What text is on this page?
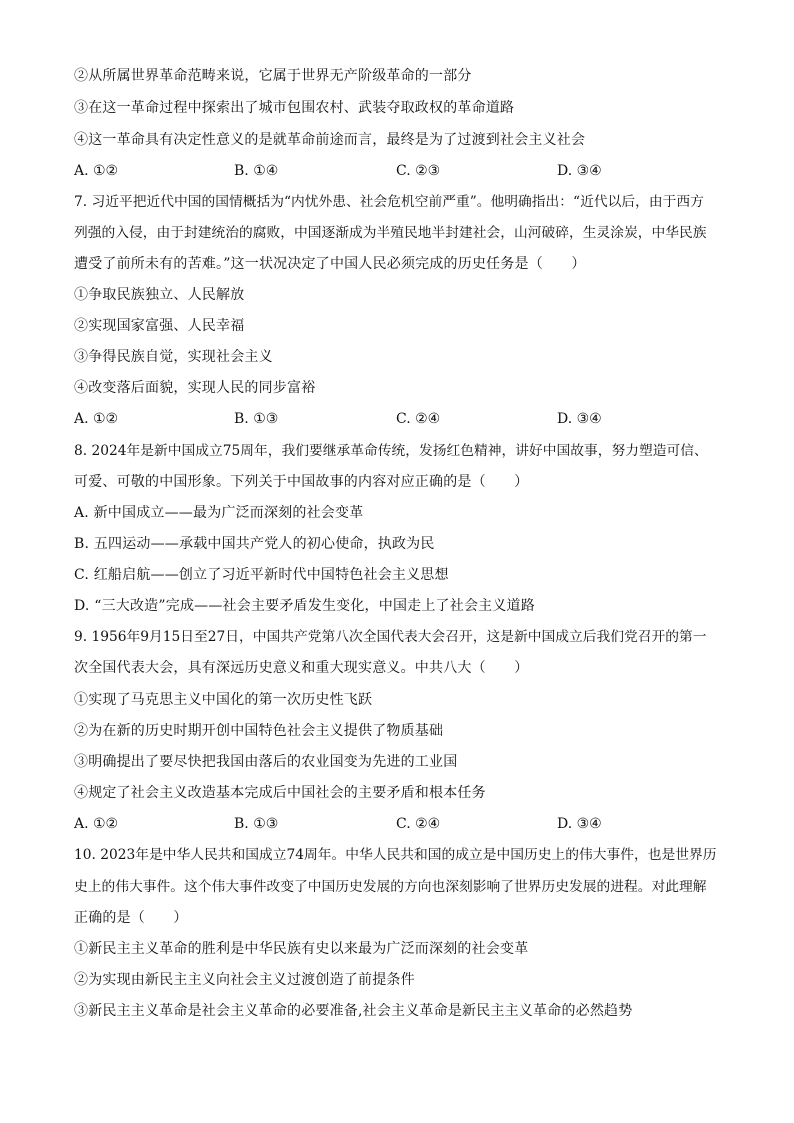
②从所属世界革命范畴来说，它属于世界无产阶级革命的一部分
③在这一革命过程中探索出了城市包围农村、武装夺取政权的革命道路
④这一革命具有决定性意义的是就革命前途而言，最终是为了过渡到社会主义社会
A. ①②	B. ①④	C. ②③	D. ③④
7. 习近平把近代中国的国情概括为“内忧外患、社会危机空前严重”。他明确指出：“近代以后，由于西方
列强的入侵，由于封建统治的腐败，中国逐渐成为半殖民地半封建社会，山河破碎，生灵涂炭，中华民族
遭受了前所未有的苦难。”这一状况决定了中国人民必须完成的历史任务是（　　）
①争取民族独立、人民解放
②实现国家富强、人民幸福
③争得民族自觉，实现社会主义
④改变落后面貌，实现人民的同步富裕
A. ①②	B. ①③	C. ②④	D. ③④
8. 2024年是新中国成立75周年，我们要继承革命传统，发扬红色精神，讲好中国故事，努力塑造可信、
可爱、可敬的中国形象。下列关于中国故事的内容对应正确的是（　　）
A. 新中国成立——最为广泛而深刻的社会变革
B. 五四运动——承载中国共产党人的初心使命，执政为民
C. 红船启航——创立了习近平新时代中国特色社会主义思想
D. “三大改造”完成——社会主要矛盾发生变化，中国走上了社会主义道路
9. 1956年9月15日至27日，中国共产党第八次全国代表大会召开，这是新中国成立后我们党召开的第一
次全国代表大会，具有深远历史意义和重大现实意义。中共八大（　　）
①实现了马克思主义中国化的第一次历史性飞跃
②为在新的历史时期开创中国特色社会主义提供了物质基础
③明确提出了要尽快把我国由落后的农业国变为先进的工业国
④规定了社会主义改造基本完成后中国社会的主要矛盾和根本任务
A. ①②	B. ①③	C. ②④	D. ③④
10. 2023年是中华人民共和国成立74周年。中华人民共和国的成立是中国历史上的伟大事件，也是世界历
史上的伟大事件。这个伟大事件改变了中国历史发展的方向也深刻影响了世界历史发展的进程。对此理解
正确的是（　　）
①新民主主义革命的胜利是中华民族有史以来最为广泛而深刻的社会变革
②为实现由新民主主义向社会主义过渡创造了前提条件
③新民主主义革命是社会主义革命的必要准备,社会主义革命是新民主主义革命的必然趋势
